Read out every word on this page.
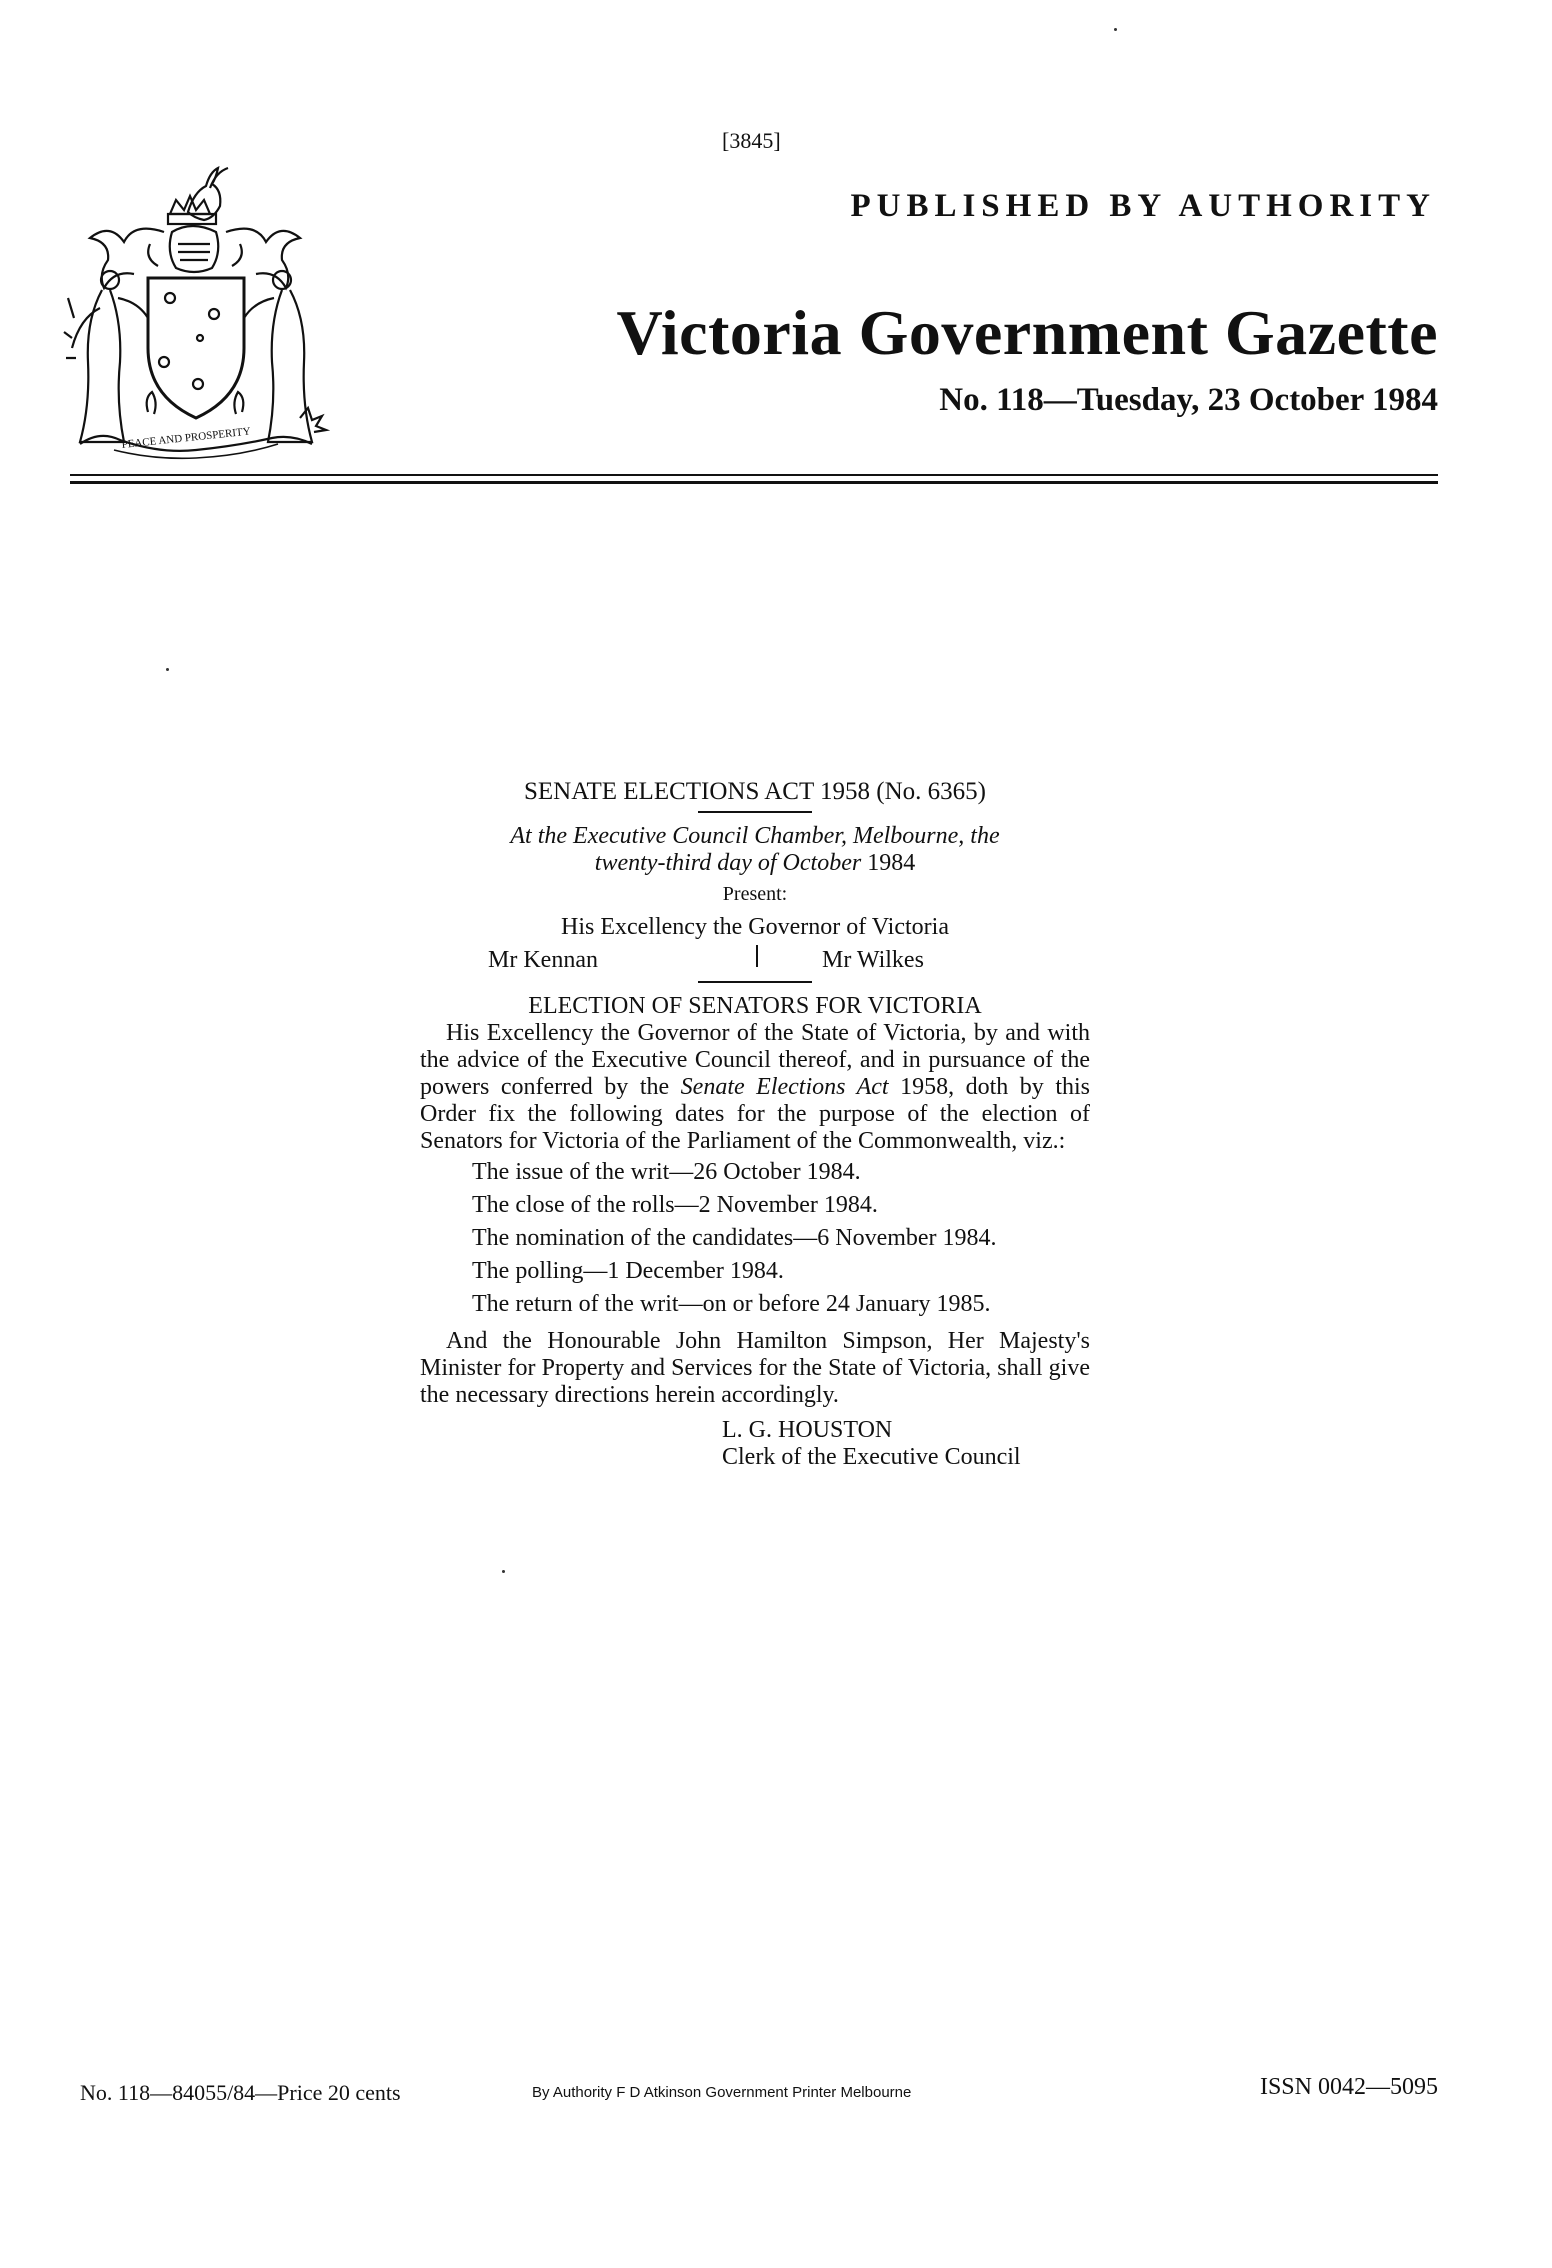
PEACE AND PROSPERITY
[3845]
PUBLISHED BY AUTHORITY
Victoria Government Gazette
No. 118—Tuesday, 23 October 1984
SENATE ELECTIONS ACT 1958 (No. 6365)
At the Executive Council Chamber, Melbourne, the
twenty-third day of October 1984
Present:
His Excellency the Governor of Victoria
Mr Kennan	Mr Wilkes
ELECTION OF SENATORS FOR VICTORIA

His Excellency the Governor of the State of Victoria, by and with the advice of the Executive Council thereof, and in pursuance of the powers conferred by the Senate Elections Act 1958, doth by this Order fix the following dates for the purpose of the election of Senators for Victoria of the Parliament of the Commonwealth, viz.:

The issue of the writ—26 October 1984.
The close of the rolls—2 November 1984.
The nomination of the candidates—6 November 1984.
The polling—1 December 1984.
The return of the writ—on or before 24 January 1985.

And the Honourable John Hamilton Simpson, Her Majesty's Minister for Property and Services for the State of Victoria, shall give the necessary directions herein accordingly.

L. G. HOUSTON
Clerk of the Executive Council
No. 118—84055/84—Price 20 cents	By Authority F D Atkinson Government Printer Melbourne	ISSN 0042—5095
